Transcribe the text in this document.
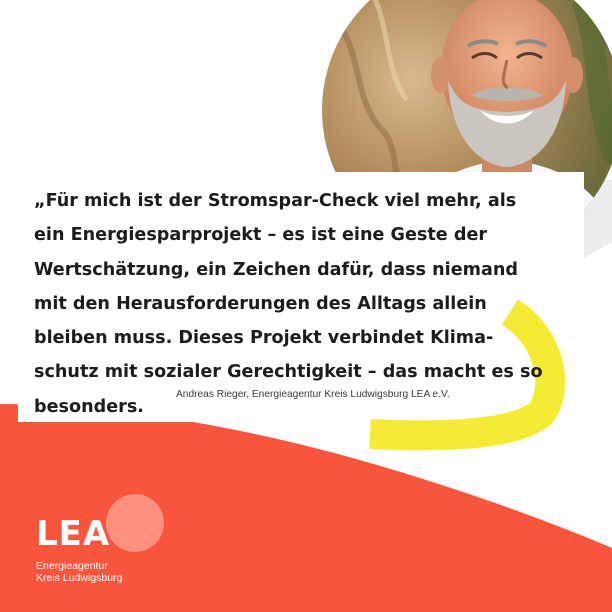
„Für mich ist der Stromspar-Check viel mehr, als
ein Energiesparprojekt – es ist eine Geste der
Wertschätzung, ein Zeichen dafür, dass niemand
mit den Herausforderungen des Alltags allein
bleiben muss. Dieses Projekt verbindet Klima-
schutz mit sozialer Gerechtigkeit – das macht es so
besonders.

Andreas Rieger, Energieagentur Kreis Ludwigsburg LEA e.V.
LEA
Energieagentur
Kreis Ludwigsburg
